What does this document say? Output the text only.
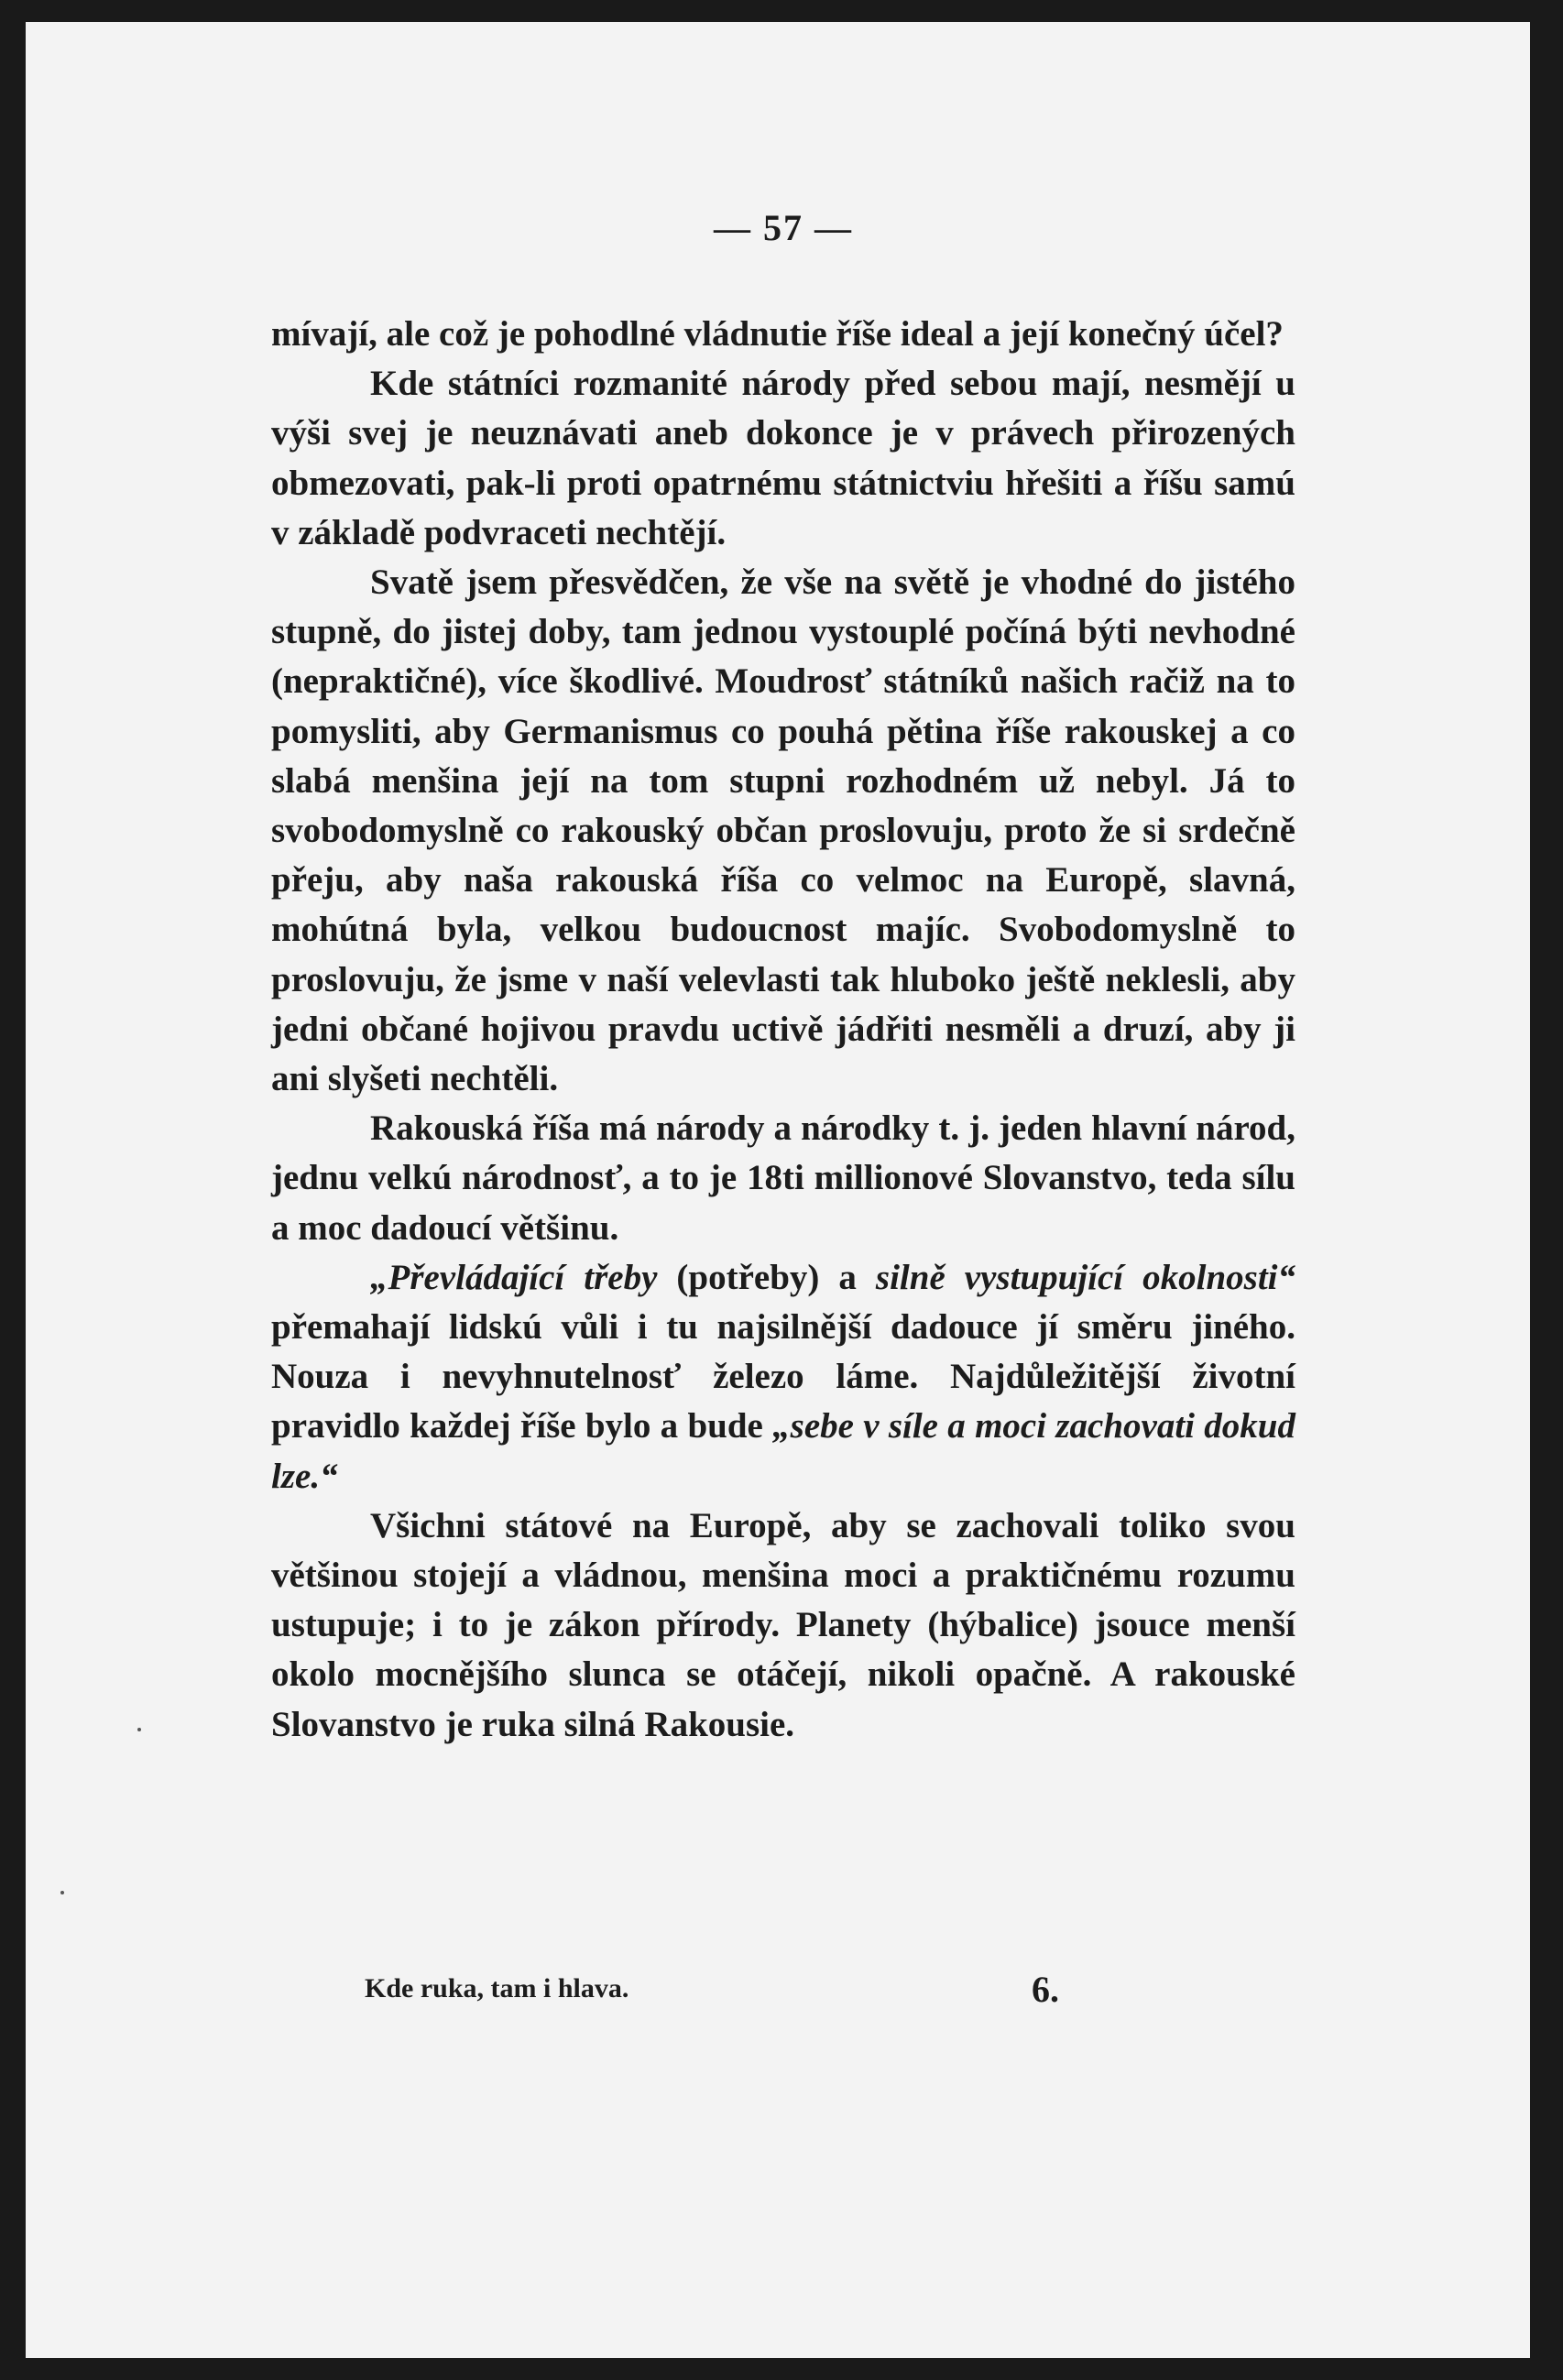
— 57 —

mívají, ale což je pohodlné vládnutie říše ideal a její konečný účel?

Kde státníci rozmanité národy před sebou mají, nesmějí u výši svej je neuznávati aneb dokonce je v právech přirozených obmezovati, pak-li proti opatrnému státnictviu hřešiti a říšu samú v základě podvraceti nechtějí.

Svatě jsem přesvědčen, že vše na světě je vhodné do jistého stupně, do jistej doby, tam jednou vystouplé počíná býti nevhodné (nepraktičné), více škodlivé. Moudrosť státníků našich račiž na to pomysliti, aby Germanismus co pouhá pětina říše rakouskej a co slabá menšina její na tom stupni rozhodném už nebyl. Já to svobodomyslně co rakouský občan proslovuju, proto že si srdečně přeju, aby naša rakouská říša co velmoc na Europě, slavná, mohútná byla, velkou budoucnost majíc. Svobodomyslně to proslovuju, že jsme v naší velevlasti tak hluboko ještě neklesli, aby jedni občané hojivou pravdu uctivě jádřiti nesměli a druzí, aby ji ani slyšeti nechtěli.

Rakouská říša má národy a národky t. j. jeden hlavní národ, jednu velkú národnosť, a to je 18ti millionové Slovanstvo, teda sílu a moc dadoucí většinu.

„Převládající třeby (potřeby) a silně vystupující okolnosti“ přemahají lidskú vůli i tu najsilnější dadouce jí směru jiného. Nouza i nevyhnutelnosť železo láme. Najdůležitější životní pravidlo každej říše bylo a bude „sebe v síle a moci zachovati dokud lze.“

Všichni státové na Europě, aby se zachovali toliko svou většinou stojejí a vládnou, menšina moci a praktičnému rozumu ustupuje; i to je zákon přírody. Planety (hýbalice) jsouce menší okolo mocnějšího slunca se otáčejí, nikoli opačně. A rakouské Slovanstvo je ruka silná Rakousie.

Kde ruka, tam i hlava.	6.
